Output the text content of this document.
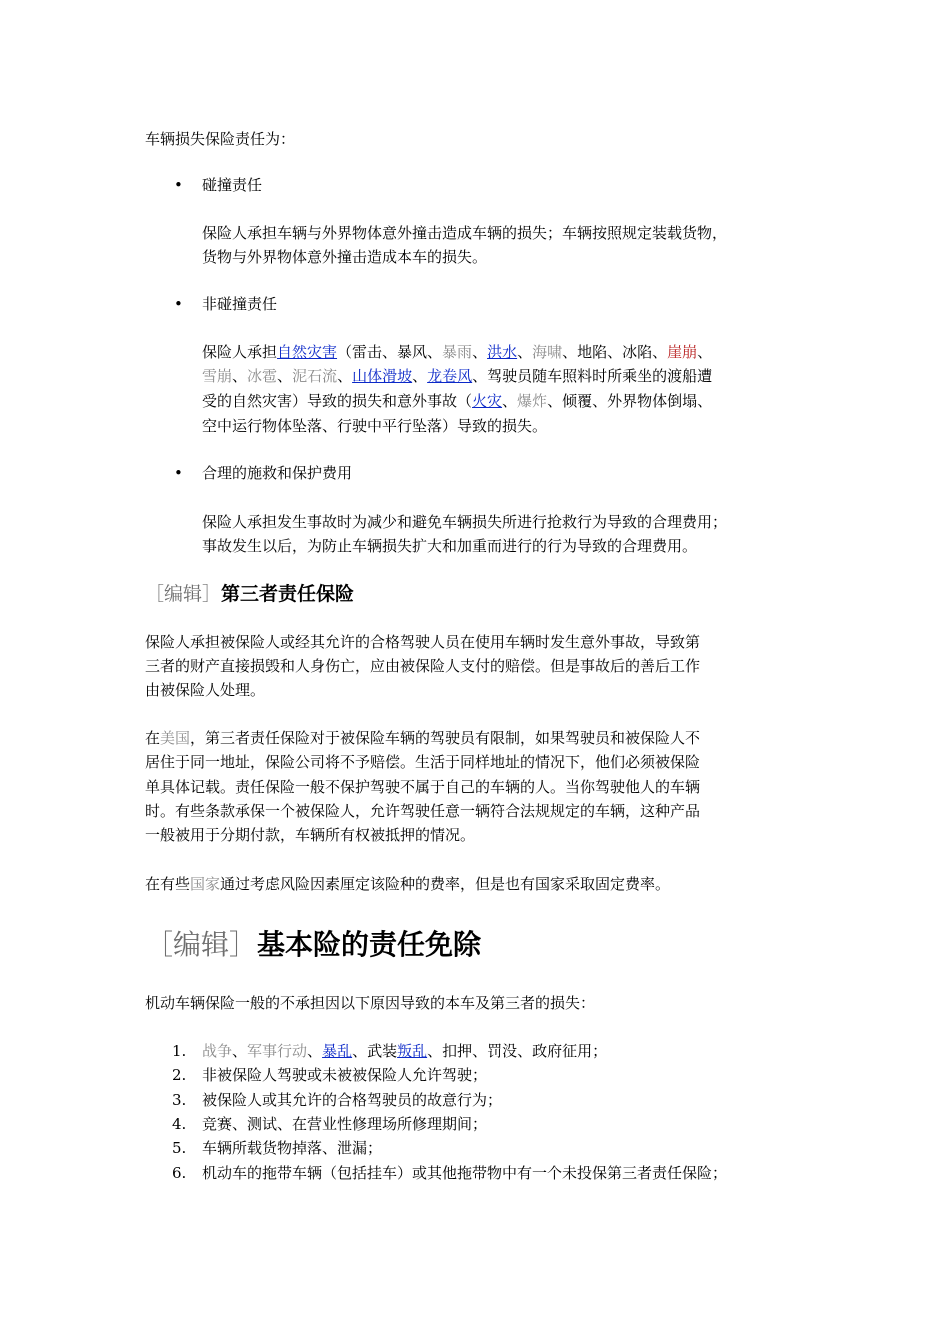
车辆损失保险责任为：

• 碰撞责任

保险人承担车辆与外界物体意外撞击造成车辆的损失；车辆按照规定装载货物，

货物与外界物体意外撞击造成本车的损失。

• 非碰撞责任

保险人承担自然灾害（雷击、暴风、暴雨、洪水、海啸、地陷、冰陷、崖崩、

雪崩、冰雹、泥石流、山体滑坡、龙卷风、驾驶员随车照料时所乘坐的渡船遭

受的自然灾害）导致的损失和意外事故（火灾、爆炸、倾覆、外界物体倒塌、

空中运行物体坠落、行驶中平行坠落）导致的损失。

• 合理的施救和保护费用

保险人承担发生事故时为减少和避免车辆损失所进行抢救行为导致的合理费用；

事故发生以后，为防止车辆损失扩大和加重而进行的行为导致的合理费用。

［编辑］第三者责任保险

保险人承担被保险人或经其允许的合格驾驶人员在使用车辆时发生意外事故，导致第

三者的财产直接损毁和人身伤亡，应由被保险人支付的赔偿。但是事故后的善后工作

由被保险人处理。

在美国，第三者责任保险对于被保险车辆的驾驶员有限制，如果驾驶员和被保险人不

居住于同一地址，保险公司将不予赔偿。生活于同样地址的情况下，他们必须被保险

单具体记载。责任保险一般不保护驾驶不属于自己的车辆的人。当你驾驶他人的车辆

时。有些条款承保一个被保险人，允许驾驶任意一辆符合法规规定的车辆，这种产品

一般被用于分期付款，车辆所有权被抵押的情况。

在有些国家通过考虑风险因素厘定该险种的费率，但是也有国家采取固定费率。

［编辑］基本险的责任免除

机动车辆保险一般的不承担因以下原因导致的本车及第三者的损失：

1. 战争、军事行动、暴乱、武装叛乱、扣押、罚没、政府征用；

2. 非被保险人驾驶或未被被保险人允许驾驶；

3. 被保险人或其允许的合格驾驶员的故意行为；

4. 竞赛、测试、在营业性修理场所修理期间；

5. 车辆所载货物掉落、泄漏；

6. 机动车的拖带车辆（包括挂车）或其他拖带物中有一个未投保第三者责任保险；
